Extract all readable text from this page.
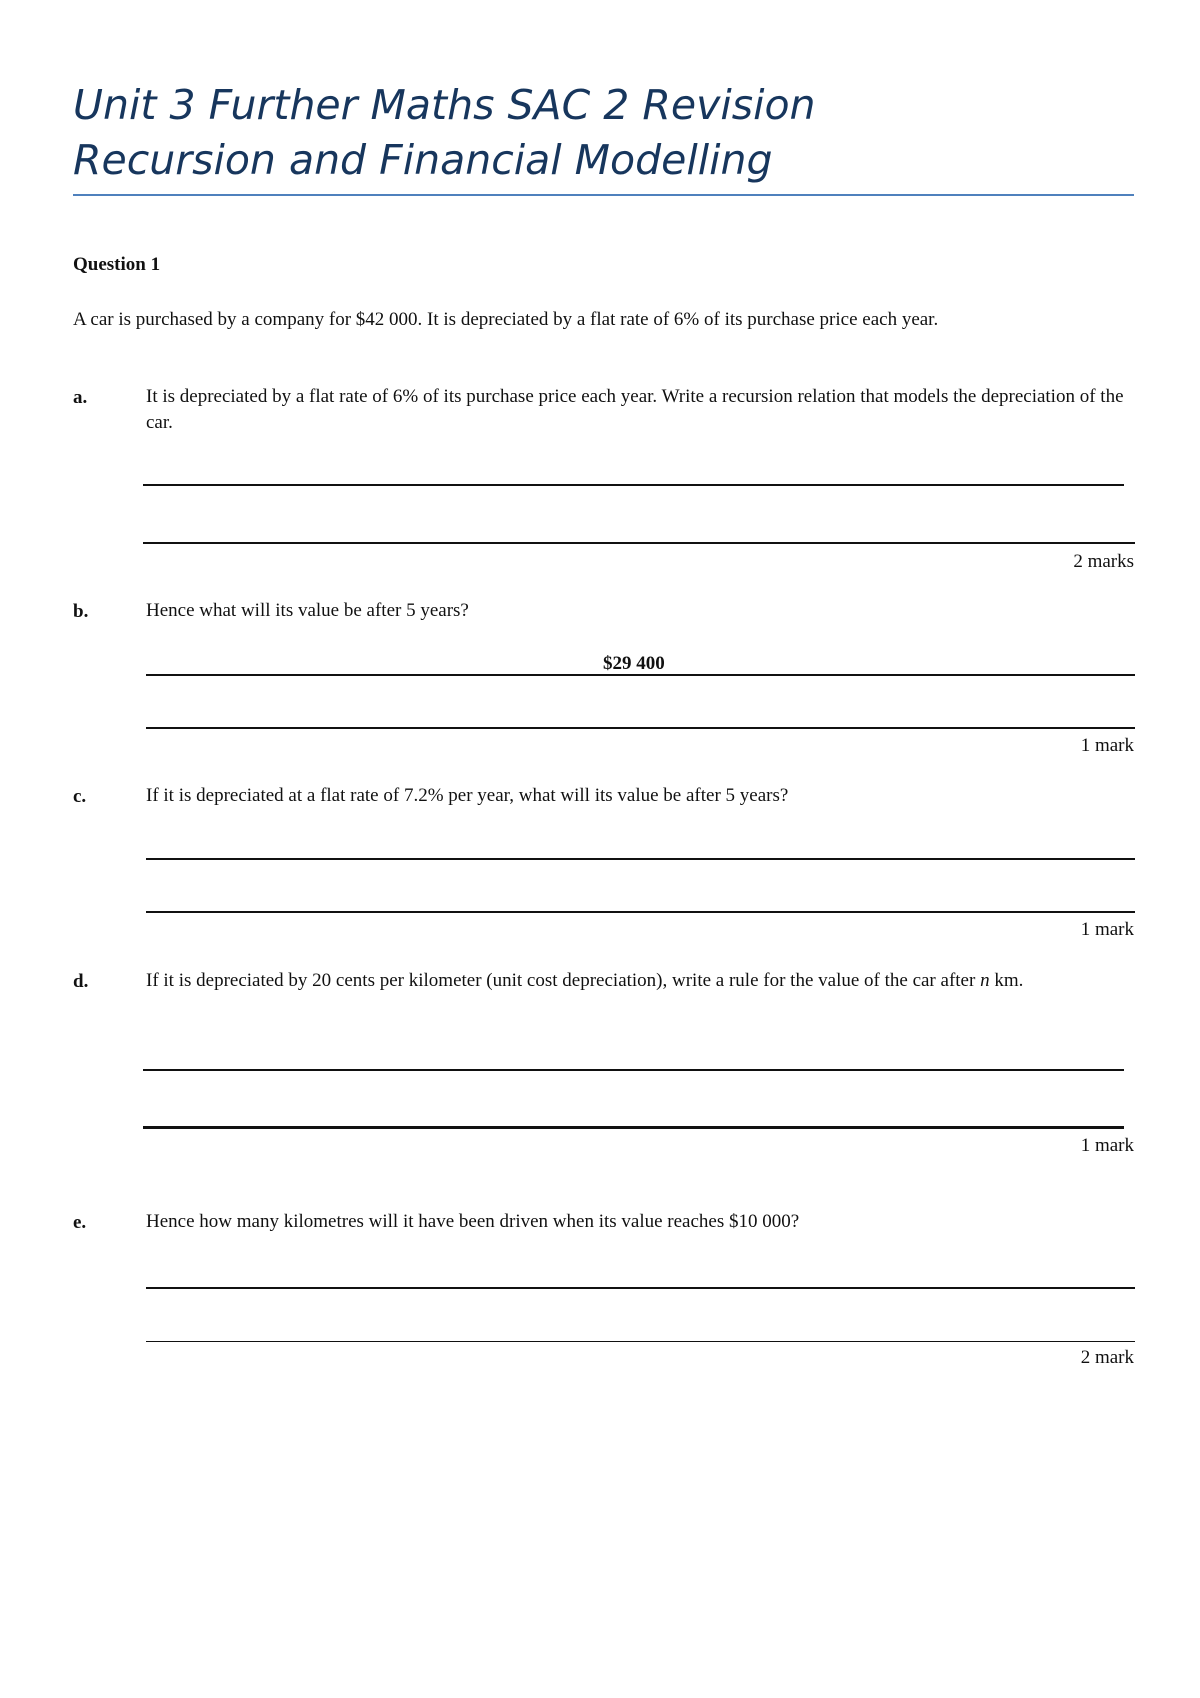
Unit 3 Further Maths SAC 2 Revision
Recursion and Financial Modelling
Question 1
A car is purchased by a company for $42 000. It is depreciated by a flat rate of 6% of its purchase price each year.
a.	It is depreciated by a flat rate of 6% of its purchase price each year. Write a recursion relation that models the depreciation of the car.
2 marks
b.	Hence what will its value be after 5 years?
$29 400
1 mark
c.	If it is depreciated at a flat rate of 7.2% per year, what will its value be after 5 years?
1 mark
d.	If it is depreciated by 20 cents per kilometer (unit cost depreciation), write a rule for the value of the car after n km.
1 mark
e.	Hence how many kilometres will it have been driven when its value reaches $10 000?
2 mark
